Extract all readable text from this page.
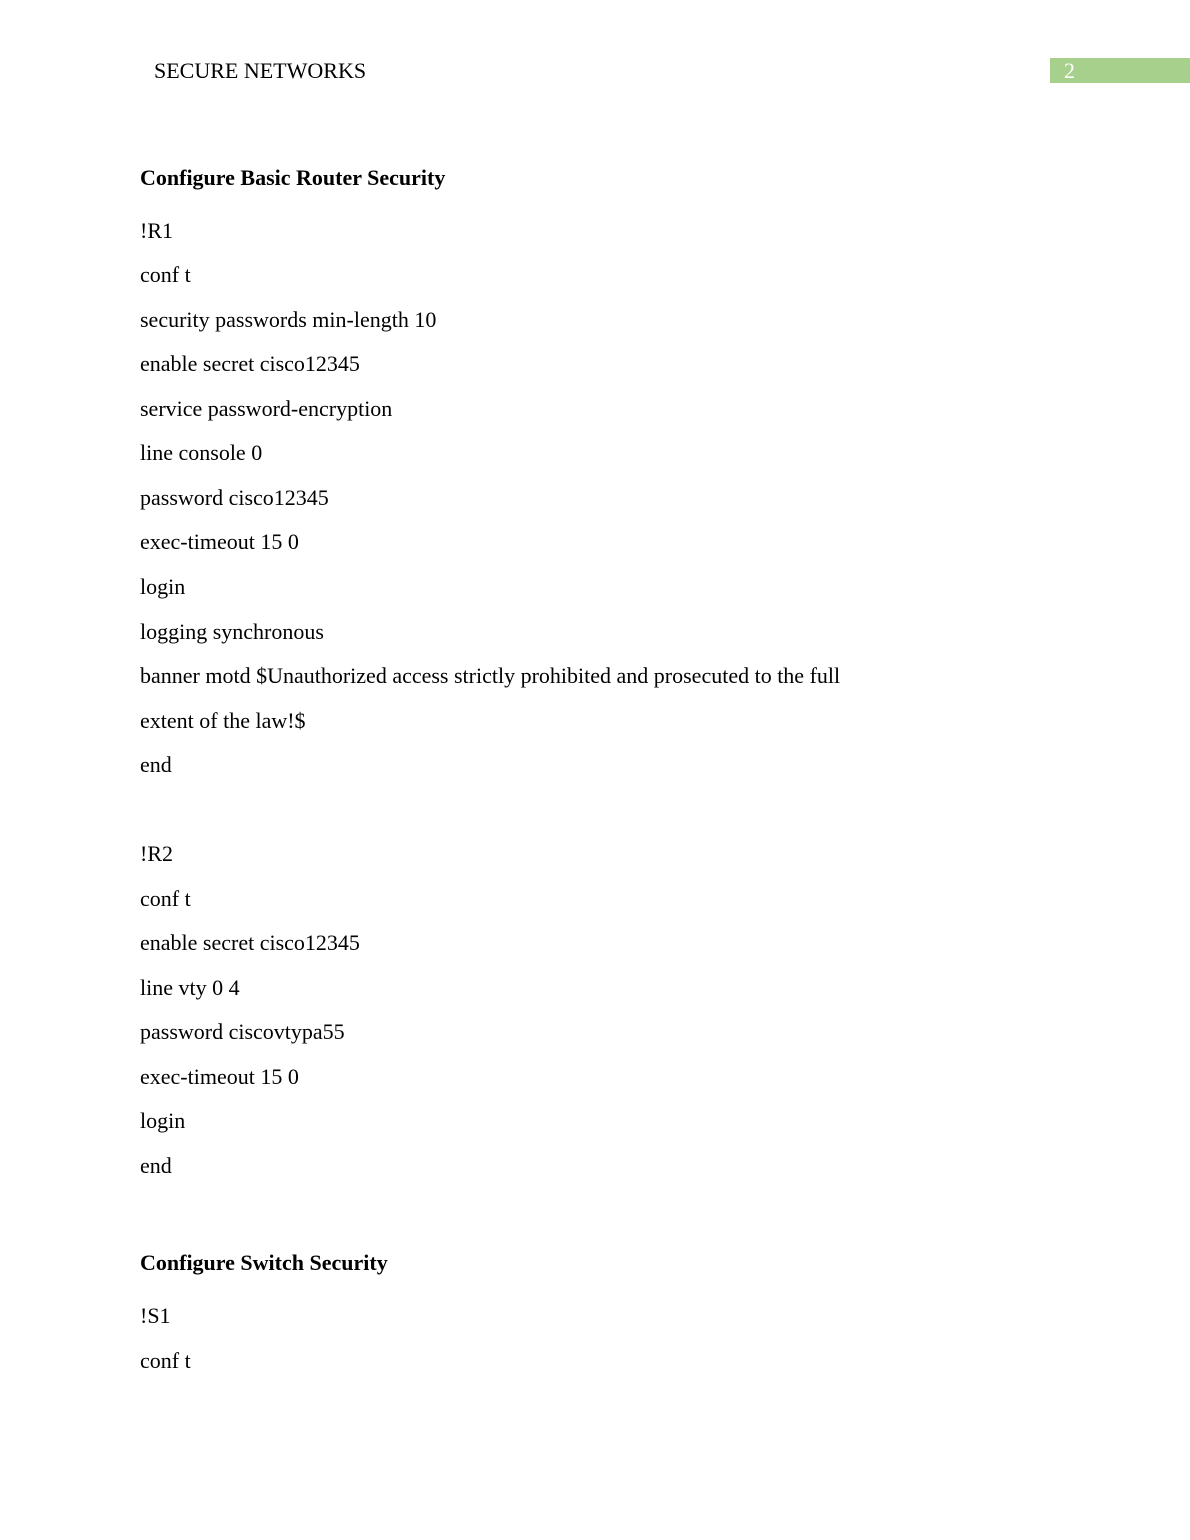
SECURE NETWORKS	2
Configure Basic Router Security
!R1
conf t
security passwords min-length 10
enable secret cisco12345
service password-encryption
line console 0
password cisco12345
exec-timeout 15 0
login
logging synchronous
banner motd $Unauthorized access strictly prohibited and prosecuted to the full
extent of the law!$
end
!R2
conf t
enable secret cisco12345
line vty 0 4
password ciscovtypa55
exec-timeout 15 0
login
end
Configure Switch Security
!S1
conf t
